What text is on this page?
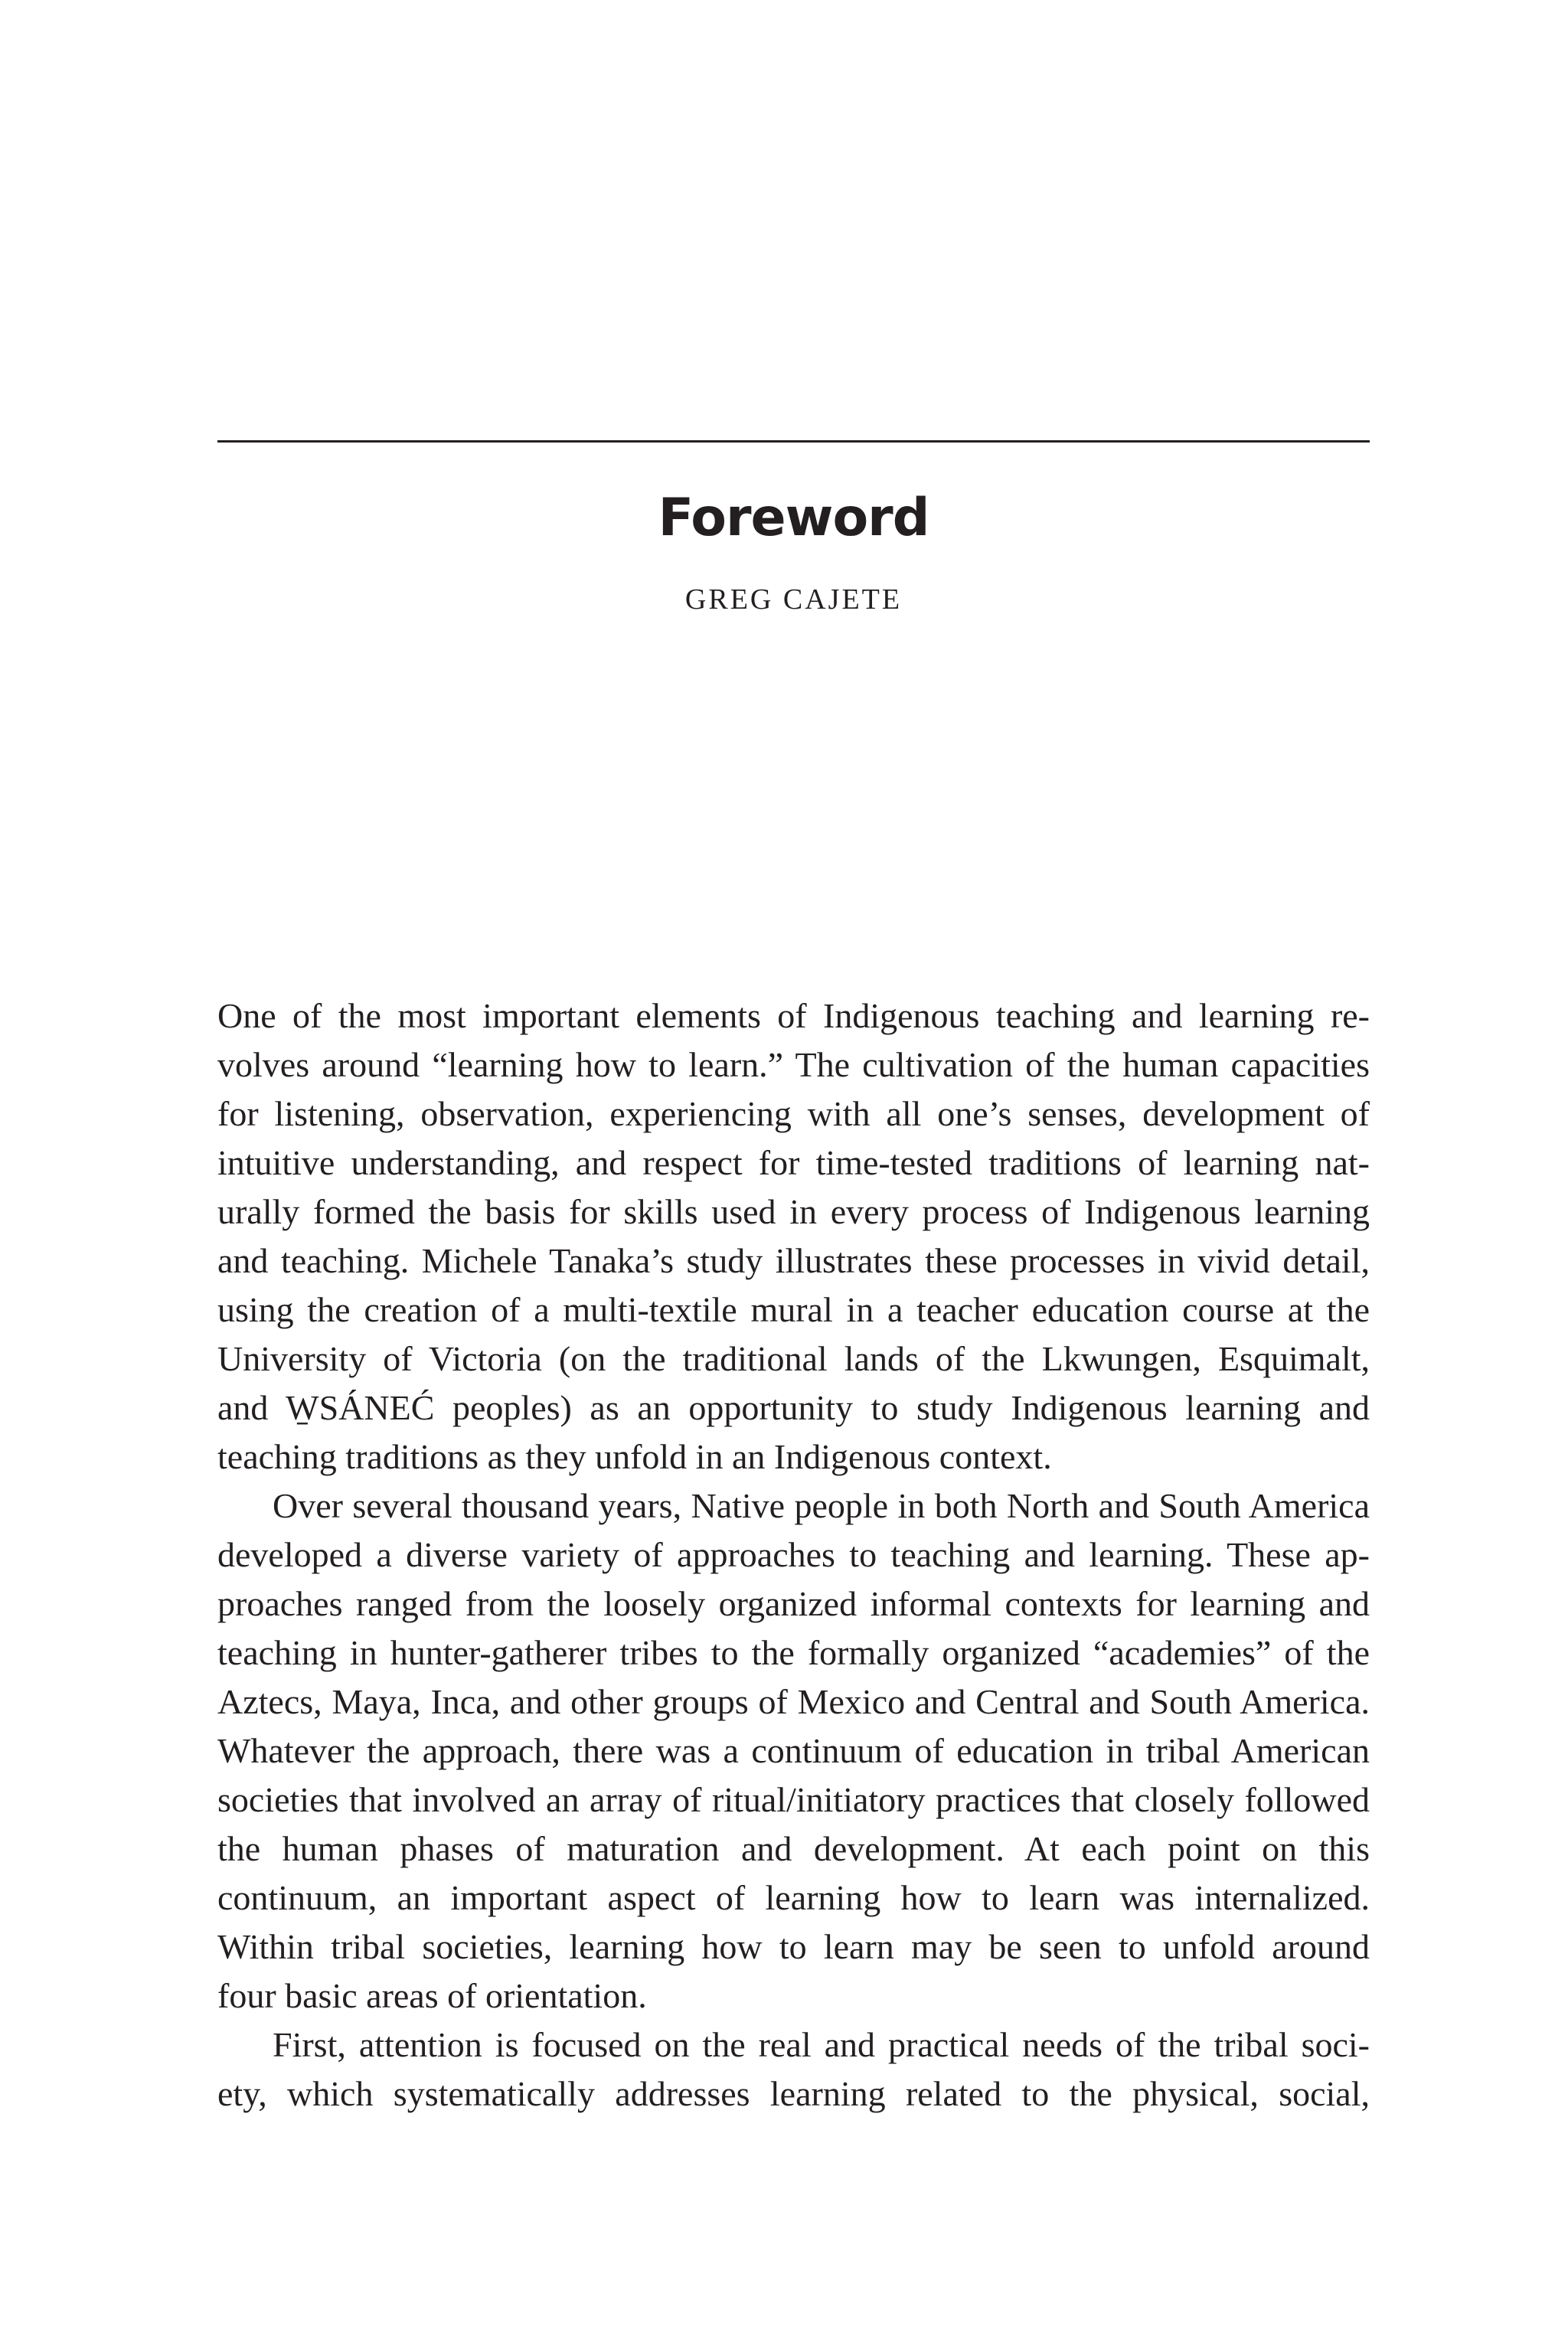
Foreword
GREG CAJETE
One of the most important elements of Indigenous teaching and learning re-
volves around “learning how to learn.” The cultivation of the human capacities
for listening, observation, experiencing with all one’s senses, development of
intuitive understanding, and respect for time-tested traditions of learning nat-
urally formed the basis for skills used in every process of Indigenous learning
and teaching. Michele Tanaka’s study illustrates these processes in vivid detail,
using the creation of a multi-textile mural in a teacher education course at the
University of Victoria (on the traditional lands of the Lkwungen, Esquimalt,
and W̱SÁNEĆ peoples) as an opportunity to study Indigenous learning and
teaching traditions as they unfold in an Indigenous context.
Over several thousand years, Native people in both North and South America
developed a diverse variety of approaches to teaching and learning. These ap-
proaches ranged from the loosely organized informal contexts for learning and
teaching in hunter-gatherer tribes to the formally organized “academies” of the
Aztecs, Maya, Inca, and other groups of Mexico and Central and South America.
Whatever the approach, there was a continuum of education in tribal American
societies that involved an array of ritual/initiatory practices that closely followed
the human phases of maturation and development. At each point on this
continuum, an important aspect of learning how to learn was internalized.
Within tribal societies, learning how to learn may be seen to unfold around
four basic areas of orientation.
First, attention is focused on the real and practical needs of the tribal soci-
ety, which systematically addresses learning related to the physical, social,
